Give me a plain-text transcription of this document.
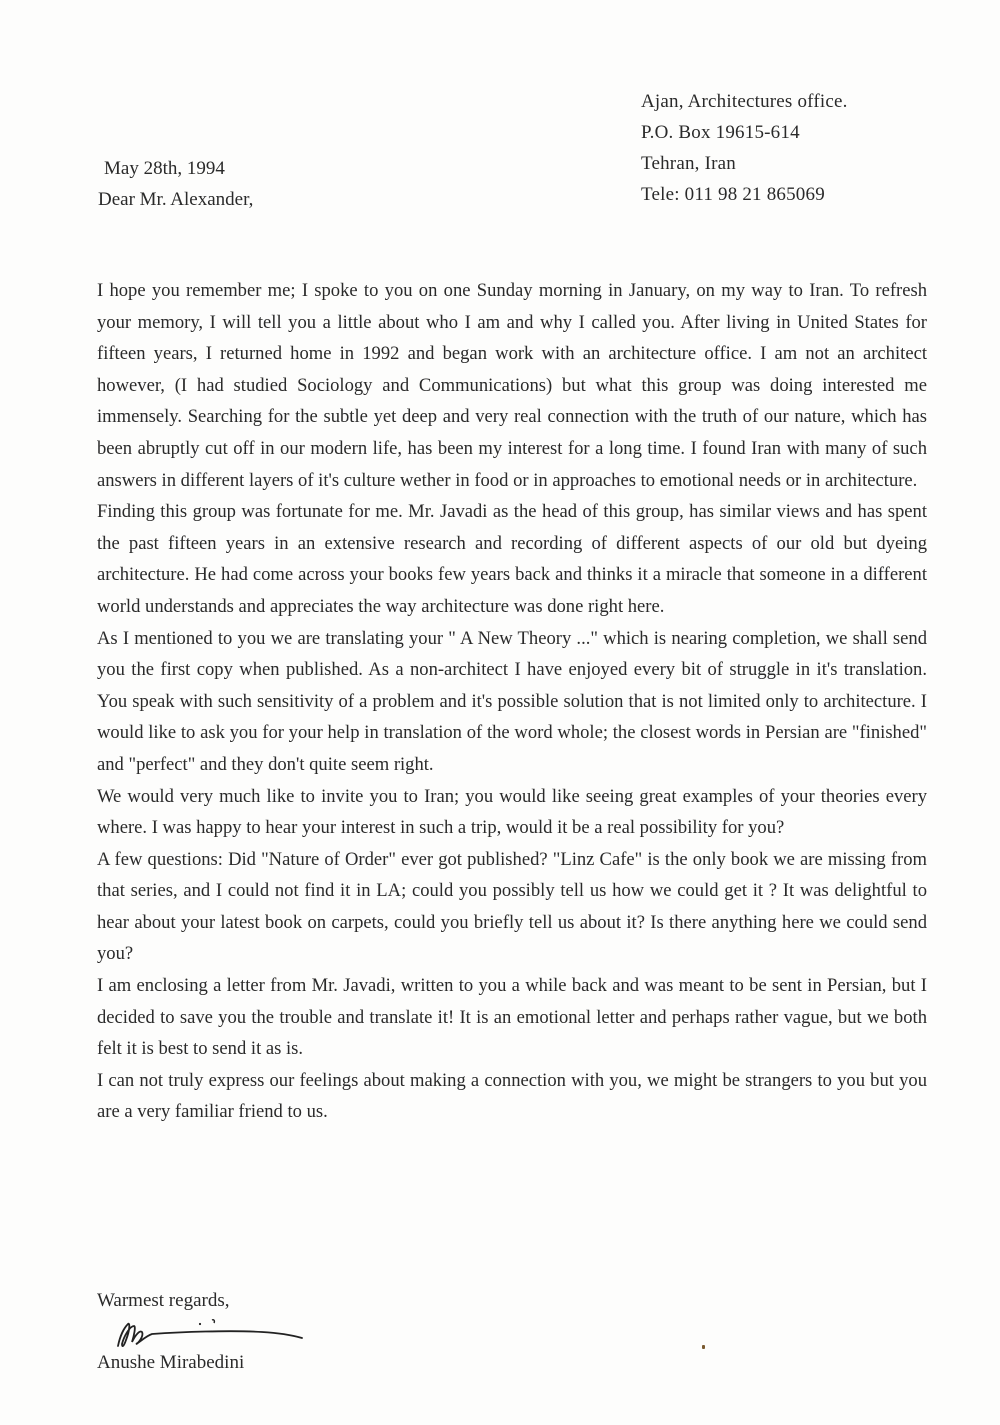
Ajan, Architectures office.
P.O. Box 19615-614
Tehran, Iran
Tele: 011 98 21 865069
May 28th, 1994
Dear Mr. Alexander,

I hope you remember me; I spoke to you on one Sunday morning in January, on my way to Iran. To refresh your memory, I will tell you a little about who I am and why I called you. After living in United States for fifteen years, I returned home in 1992 and began work with an architecture office. I am not an architect however, (I had studied Sociology and Communications) but what this group was doing interested me immensely. Searching for the subtle yet deep and very real connection with the truth of our nature, which has been abruptly cut off in our modern life, has been my interest for a long time. I found Iran with many of such answers in different layers of it's culture wether in food or in approaches to emotional needs or in architecture.

Finding this group was fortunate for me. Mr. Javadi as the head of this group, has similar views and has spent the past fifteen years in an extensive research and recording of different aspects of our old but dyeing architecture. He had come across your books few years back and thinks it a miracle that someone in a different world understands and appreciates the way architecture was done right here.

As I mentioned to you we are translating your " A New Theory ..." which is nearing completion, we shall send you the first copy when published. As a non-architect I have enjoyed every bit of struggle in it's translation. You speak with such sensitivity of a problem and it's possible solution that is not limited only to architecture. I would like to ask you for your help in translation of the word whole; the closest words in Persian are "finished" and "perfect" and they don't quite seem right.

We would very much like to invite you to Iran; you would like seeing great examples of your theories every where. I was happy to hear your interest in such a trip, would it be a real possibility for you?

A few questions: Did "Nature of Order" ever got published? "Linz Cafe" is the only book we are missing from that series, and I could not find it in LA; could you possibly tell us how we could get it ? It was delightful to hear about your latest book on carpets, could you briefly tell us about it? Is there anything here we could send you?

I am enclosing a letter from Mr. Javadi, written to you a while back and was meant to be sent in Persian, but I decided to save you the trouble and translate it! It is an emotional letter and perhaps rather vague, but we both felt it is best to send it as is.

I can not truly express our feelings about making a connection with you, we might be strangers to you but you are a very familiar friend to us.

Warmest regards,
Anushe Mirabedini
